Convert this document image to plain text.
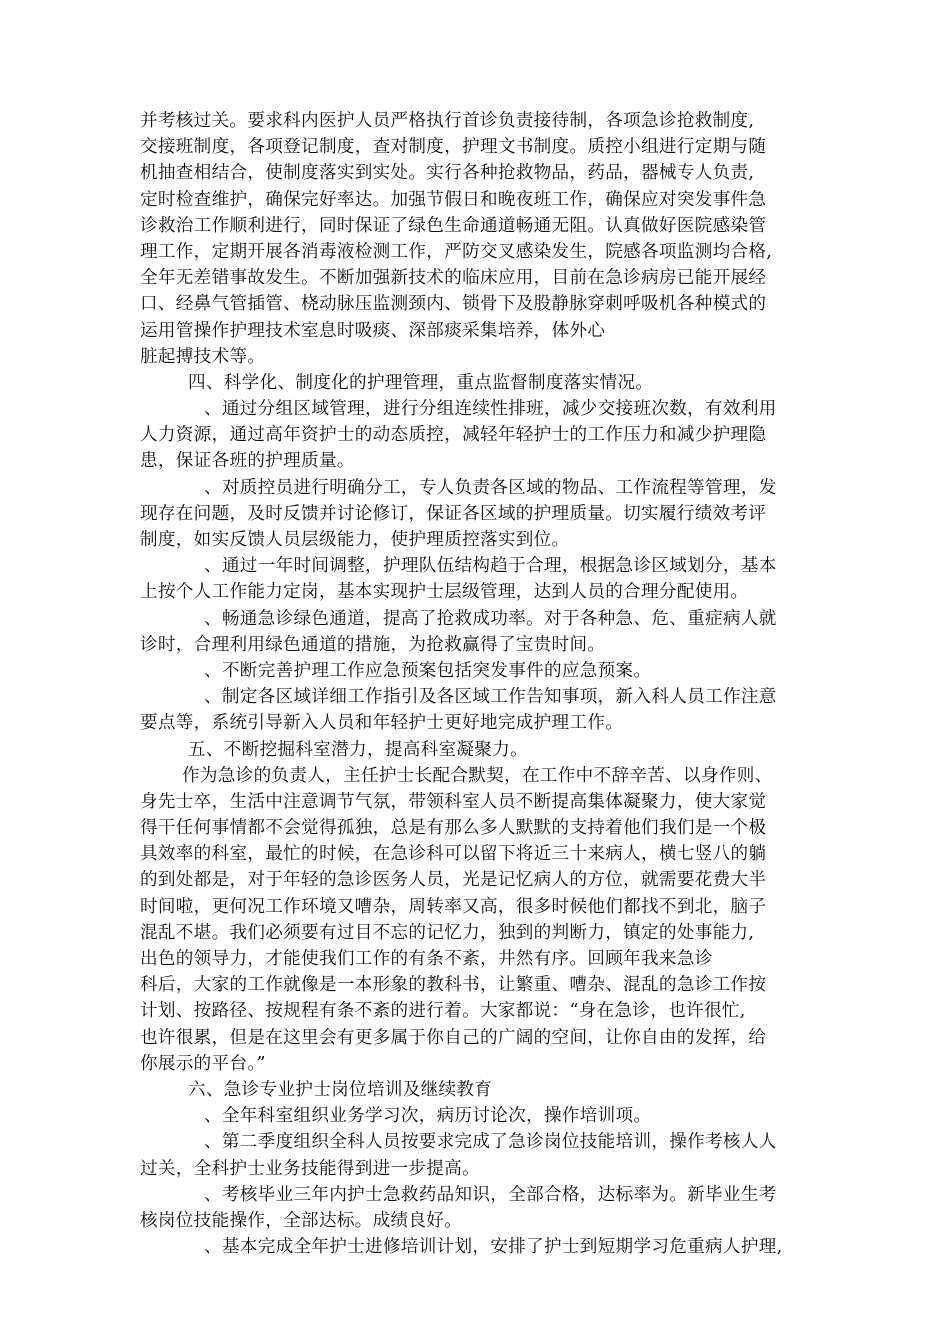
并考核过关。要求科内医护人员严格执行首诊负责接待制，各项急诊抢救制度,
交接班制度，各项登记制度，查对制度，护理文书制度。质控小组进行定期与随
机抽查相结合，使制度落实到实处。实行各种抢救物品，药品，器械专人负责,
定时检查维护，确保完好率达。加强节假日和晚夜班工作，确保应对突发事件急
诊救治工作顺利进行，同时保证了绿色生命通道畅通无阻。认真做好医院感染管
理工作，定期开展各消毒液检测工作，严防交叉感染发生，院感各项监测均合格,
全年无差错事故发生。不断加强新技术的临床应用，目前在急诊病房已能开展经
口、经鼻气管插管、桡动脉压监测颈内、锁骨下及股静脉穿刺呼吸机各种模式的
运用管操作护理技术室息时吸痰、深部痰采集培养，体外心
脏起搏技术等。
四、科学化、制度化的护理管理，重点监督制度落实情况。
、通过分组区域管理，进行分组连续性排班，减少交接班次数，有效利用
人力资源，通过高年资护士的动态质控，减轻年轻护士的工作压力和减少护理隐
患，保证各班的护理质量。
、对质控员进行明确分工，专人负责各区域的物品、工作流程等管理，发
现存在问题，及时反馈并讨论修订，保证各区域的护理质量。切实履行绩效考评
制度，如实反馈人员层级能力，使护理质控落实到位。
、通过一年时间调整，护理队伍结构趋于合理，根据急诊区域划分，基本
上按个人工作能力定岗，基本实现护士层级管理，达到人员的合理分配使用。
、畅通急诊绿色通道，提高了抢救成功率。对于各种急、危、重症病人就
诊时，合理利用绿色通道的措施，为抢救赢得了宝贵时间。
、不断完善护理工作应急预案包括突发事件的应急预案。
、制定各区域详细工作指引及各区域工作告知事项，新入科人员工作注意
要点等，系统引导新入人员和年轻护士更好地完成护理工作。
五、不断挖掘科室潜力，提高科室凝聚力。
作为急诊的负责人，主任护士长配合默契，在工作中不辞辛苦、以身作则、
身先士卒，生活中注意调节气氛，带领科室人员不断提高集体凝聚力，使大家觉
得干任何事情都不会觉得孤独，总是有那么多人默默的支持着他们我们是一个极
具效率的科室，最忙的时候，在急诊科可以留下将近三十来病人，横七竖八的躺
的到处都是，对于年轻的急诊医务人员，光是记忆病人的方位，就需要花费大半
时间啦，更何况工作环境又嘈杂，周转率又高，很多时候他们都找不到北，脑子
混乱不堪。我们必须要有过目不忘的记忆力，独到的判断力，镇定的处事能力,
出色的领导力，才能使我们工作的有条不紊，井然有序。回顾年我来急诊
科后，大家的工作就像是一本形象的教科书，让繁重、嘈杂、混乱的急诊工作按
计划、按路径、按规程有条不紊的进行着。大家都说：“身在急诊，也许很忙,
也许很累，但是在这里会有更多属于你自己的广阔的空间，让你自由的发挥，给
你展示的平台。”
六、急诊专业护士岗位培训及继续教育
、全年科室组织业务学习次，病历讨论次，操作培训项。
、第二季度组织全科人员按要求完成了急诊岗位技能培训，操作考核人人
过关，全科护士业务技能得到进一步提高。
、考核毕业三年内护士急救药品知识，全部合格，达标率为。新毕业生考
核岗位技能操作，全部达标。成绩良好。
、基本完成全年护士进修培训计划，安排了护士到短期学习危重病人护理,
